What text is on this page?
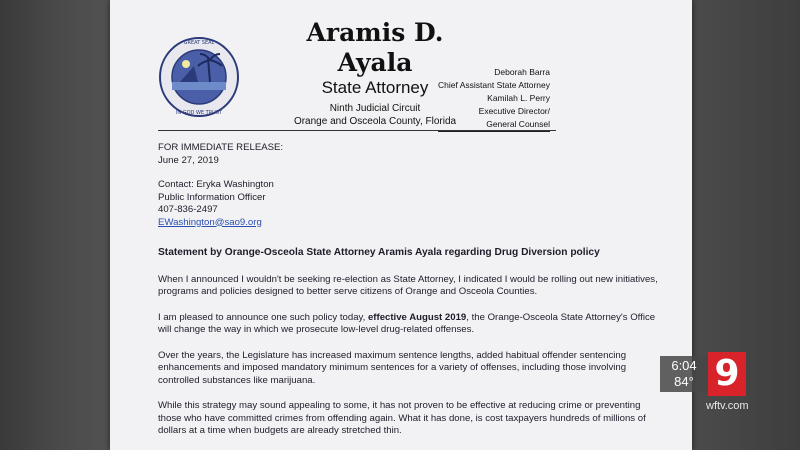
GREAT SEAL
IN GOD WE TRUST
Aramis D.
Ayala
State Attorney
Ninth Judicial Circuit
Orange and Osceola County, Florida
Deborah Barra
Chief Assistant State Attorney
Kamilah L. Perry
Executive Director/
General Counsel
FOR IMMEDIATE RELEASE:
June 27, 2019
Contact: Eryka Washington
Public Information Officer
407-836-2497
EWashington@sao9.org
Statement by Orange-Osceola State Attorney Aramis Ayala regarding Drug Diversion policy

When I announced I wouldn't be seeking re-election as State Attorney, I indicated I would be rolling out new initiatives, programs and policies designed to better serve citizens of Orange and Osceola Counties.

I am pleased to announce one such policy today, effective August 2019, the Orange-Osceola State Attorney's Office will change the way in which we prosecute low-level drug-related offenses.

Over the years, the Legislature has increased maximum sentence lengths, added habitual offender sentencing enhancements and imposed mandatory minimum sentences for a variety of offenses, including those involving controlled substances like marijuana.

While this strategy may sound appealing to some, it has not proven to be effective at reducing crime or preventing those who have committed crimes from offending again. What it has done, is cost taxpayers hundreds of millions of dollars at a time when budgets are already stretched thin.

6:04
84° 9
wftv.com
